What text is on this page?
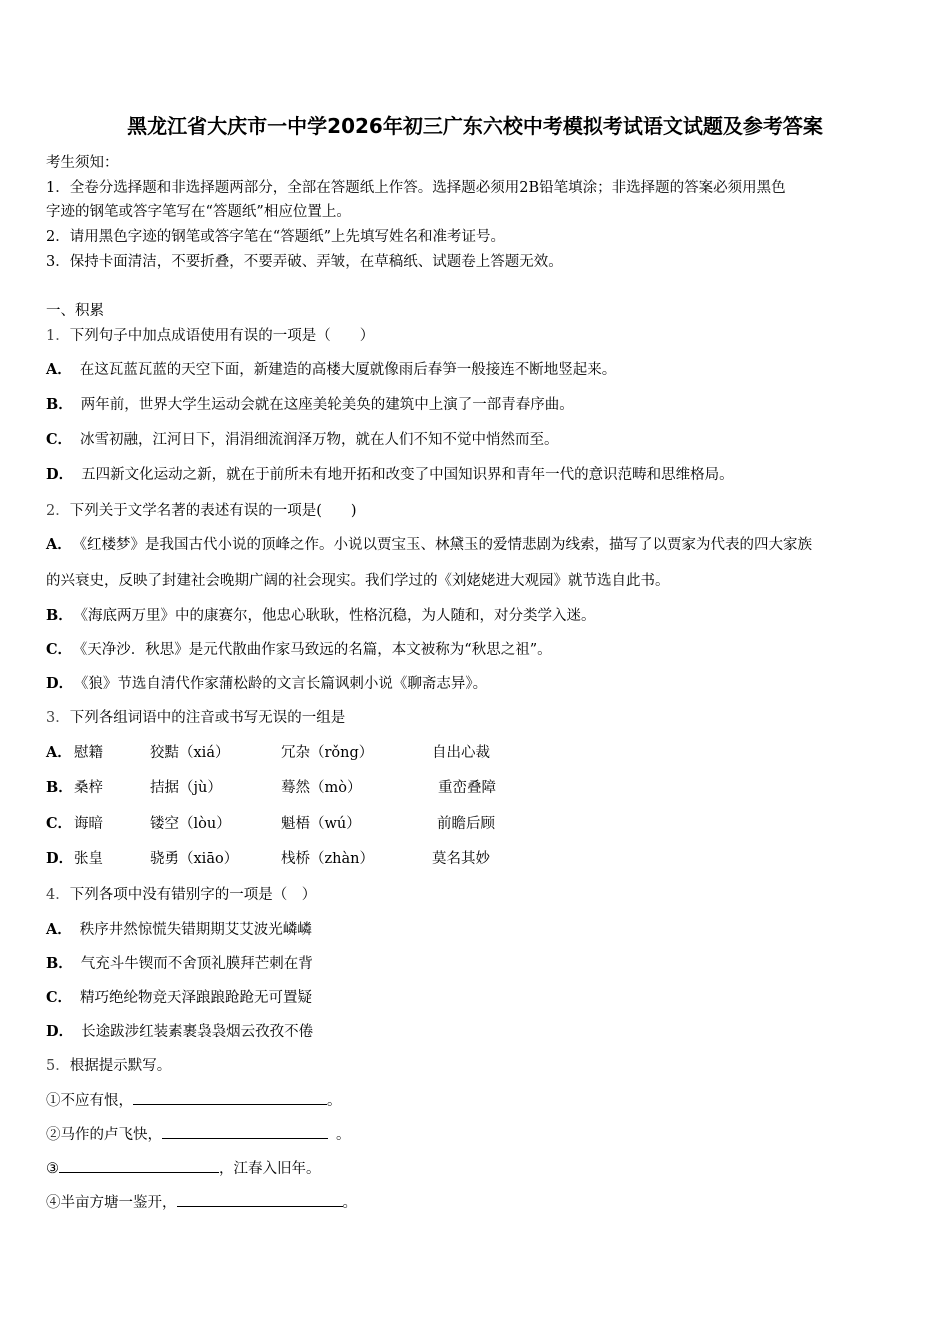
黑龙江省大庆市一中学2026年初三广东六校中考模拟考试语文试题及参考答案
考生须知：
1．全卷分选择题和非选择题两部分，全部在答题纸上作答。选择题必须用2B铅笔填涂；非选择题的答案必须用黑色
字迹的钢笔或答字笔写在“答题纸”相应位置上。
2．请用黑色字迹的钢笔或答字笔在“答题纸”上先填写姓名和准考证号。
3．保持卡面清洁，不要折叠，不要弄破、弄皱，在草稿纸、试题卷上答题无效。
一、积累
1．下列句子中加点成语使用有误的一项是（　　）
A． 在这瓦蓝瓦蓝的天空下面，新建造的高楼大厦就像雨后春笋一般接连不断地竖起来。
B． 两年前，世界大学生运动会就在这座美轮美奂的建筑中上演了一部青春序曲。
C． 冰雪初融，江河日下，涓涓细流润泽万物，就在人们不知不觉中悄然而至。
D． 五四新文化运动之新，就在于前所未有地开拓和改变了中国知识界和青年一代的意识范畴和思维格局。
2．下列关于文学名著的表述有误的一项是(　　)
A． 《红楼梦》是我国古代小说的顶峰之作。小说以贾宝玉、林黛玉的爱情悲剧为线索，描写了以贾家为代表的四大家族
的兴衰史，反映了封建社会晚期广阔的社会现实。我们学过的《刘姥姥进大观园》就节选自此书。
B． 《海底两万里》中的康赛尔，他忠心耿耿，性格沉稳，为人随和，对分类学入迷。
C． 《天净沙．秋思》是元代散曲作家马致远的名篇，本文被称为“秋思之祖”。
D． 《狼》节选自清代作家蒲松龄的文言长篇讽刺小说《聊斋志异》。
3．下列各组词语中的注音或书写无误的一组是
A． 慰籍	狡黠（xiá）	冗杂（rǒng）	自出心裁
B． 桑梓	拮据（jù）	蓦然（mò）	重峦叠障
C． 诲暗	镂空（lòu）	魁梧（wú）	前瞻后顾
D． 张皇	骁勇（xiāo）	栈桥（zhàn）	莫名其妙
4．下列各项中没有错别字的一项是（　）
A． 秩序井然惊慌失错期期艾艾波光嶙嶙
B． 气充斗牛锲而不舍顶礼膜拜芒刺在背
C． 精巧绝纶物竞天泽踉踉跄跄无可置疑
D． 长途跋涉红装素裹袅袅烟云孜孜不倦
5．根据提示默写。
①不应有恨，	。
②马作的卢飞快，	。
③	，江春入旧年。
④半亩方塘一鉴开，	。
